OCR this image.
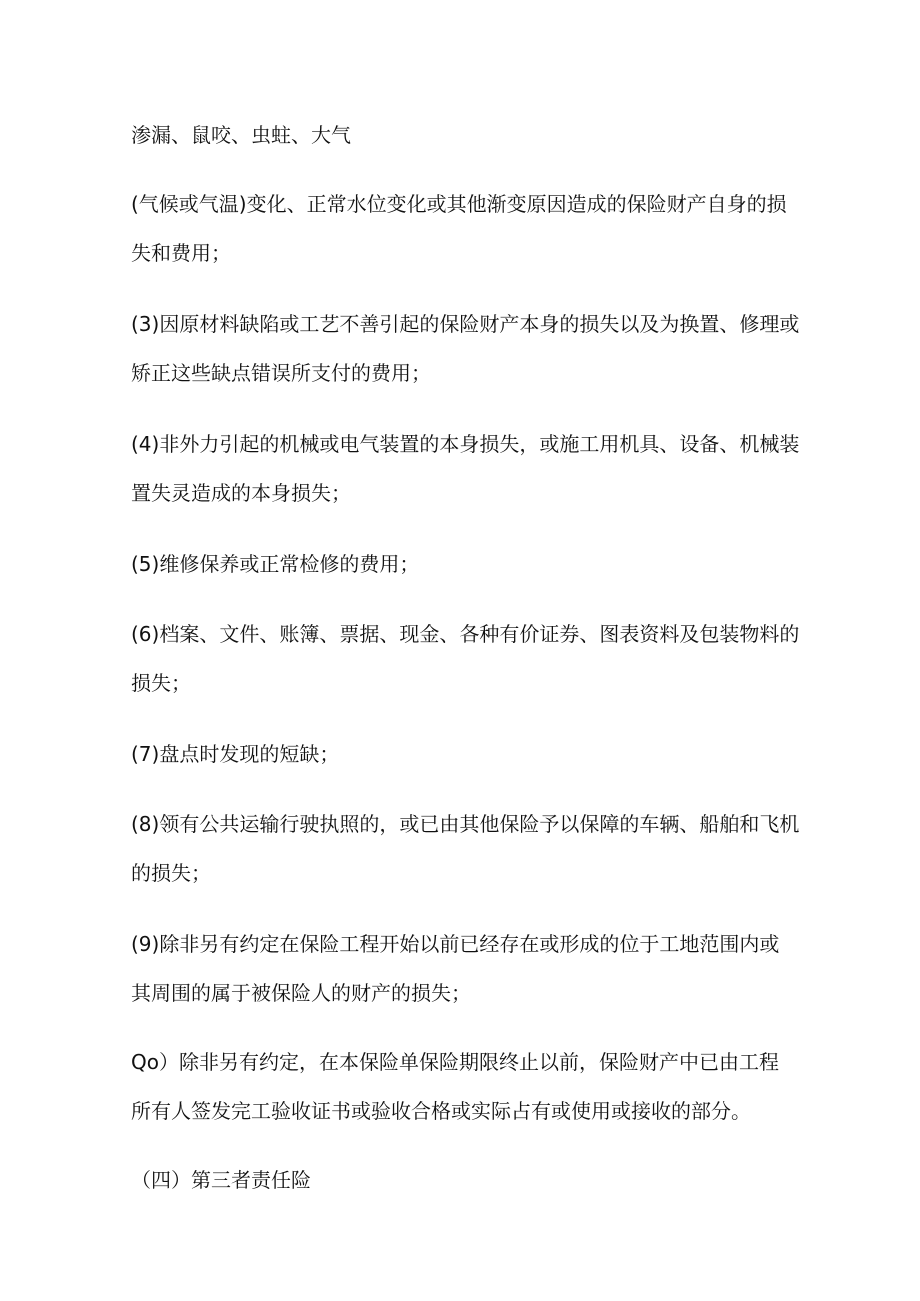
渗漏、鼠咬、虫蛀、大气
(气候或气温)变化、正常水位变化或其他渐变原因造成的保险财产自身的损
失和费用；
(3)因原材料缺陷或工艺不善引起的保险财产本身的损失以及为换置、修理或
矫正这些缺点错误所支付的费用；
(4)非外力引起的机械或电气装置的本身损失，或施工用机具、设备、机械装
置失灵造成的本身损失；
(5)维修保养或正常检修的费用；
(6)档案、文件、账簿、票据、现金、各种有价证券、图表资料及包装物料的
损失；
(7)盘点时发现的短缺；
(8)领有公共运输行驶执照的，或已由其他保险予以保障的车辆、船舶和飞机
的损失；
(9)除非另有约定在保险工程开始以前已经存在或形成的位于工地范围内或
其周围的属于被保险人的财产的损失；
Qo）除非另有约定，在本保险单保险期限终止以前，保险财产中已由工程
所有人签发完工验收证书或验收合格或实际占有或使用或接收的部分。
（四）第三者责任险
